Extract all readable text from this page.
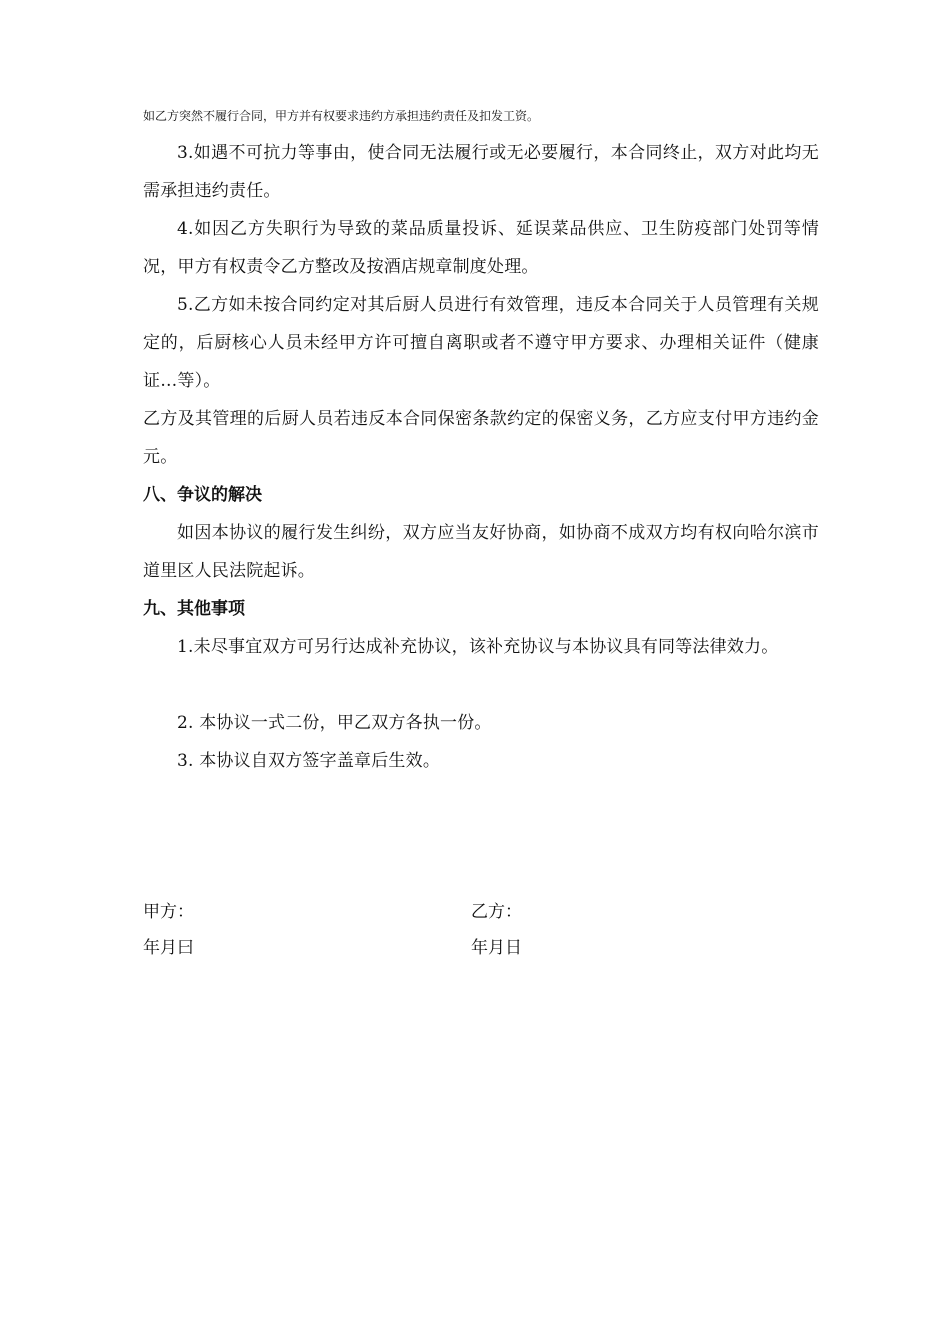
如乙方突然不履行合同，甲方并有权要求违约方承担违约责任及扣发工资。
3.如遇不可抗力等事由，使合同无法履行或无必要履行，本合同终止，双方对此均无需承担违约责任。
4.如因乙方失职行为导致的菜品质量投诉、延误菜品供应、卫生防疫部门处罚等情况，甲方有权责令乙方整改及按酒店规章制度处理。
5.乙方如未按合同约定对其后厨人员进行有效管理，违反本合同关于人员管理有关规定的，后厨核心人员未经甲方许可擅自离职或者不遵守甲方要求、办理相关证件（健康证…等）。
乙方及其管理的后厨人员若违反本合同保密条款约定的保密义务，乙方应支付甲方违约金元。
八、争议的解决
如因本协议的履行发生纠纷，双方应当友好协商，如协商不成双方均有权向哈尔滨市道里区人民法院起诉。
九、其他事项
1.未尽事宜双方可另行达成补充协议，该补充协议与本协议具有同等法律效力。
2. 本协议一式二份，甲乙双方各执一份。
3. 本协议自双方签字盖章后生效。
甲方：
年月曰
乙方：
年月日
